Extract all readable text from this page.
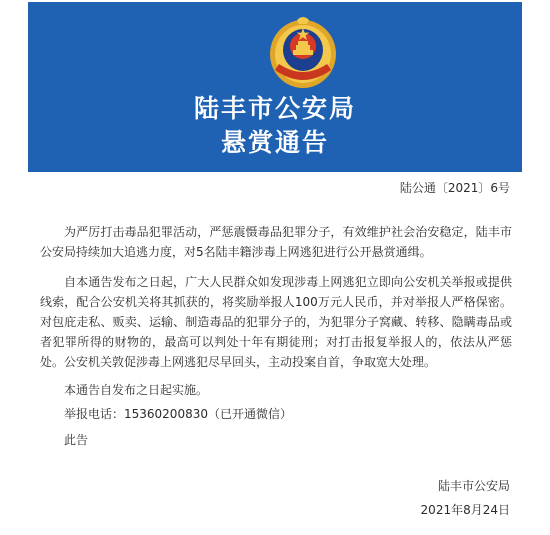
陆丰市公安局
悬赏通告
陆公通〔2021〕6号

为严厉打击毒品犯罪活动，严惩震慑毒品犯罪分子，有效维护社会治安稳定，陆丰市公安局持续加大追逃力度，对5名陆丰籍涉毒上网逃犯进行公开悬赏通缉。

自本通告发布之日起，广大人民群众如发现涉毒上网逃犯立即向公安机关举报或提供线索，配合公安机关将其抓获的，将奖励举报人100万元人民币，并对举报人严格保密。对包庇走私、贩卖、运输、制造毒品的犯罪分子的，为犯罪分子窝藏、转移、隐瞒毒品或者犯罪所得的财物的，最高可以判处十年有期徒刑；对打击报复举报人的，依法从严惩处。公安机关敦促涉毒上网逃犯尽早回头，主动投案自首，争取宽大处理。

本通告自发布之日起实施。

举报电话：15360200830（已开通微信）
此告
陆丰市公安局
2021年8月24日
